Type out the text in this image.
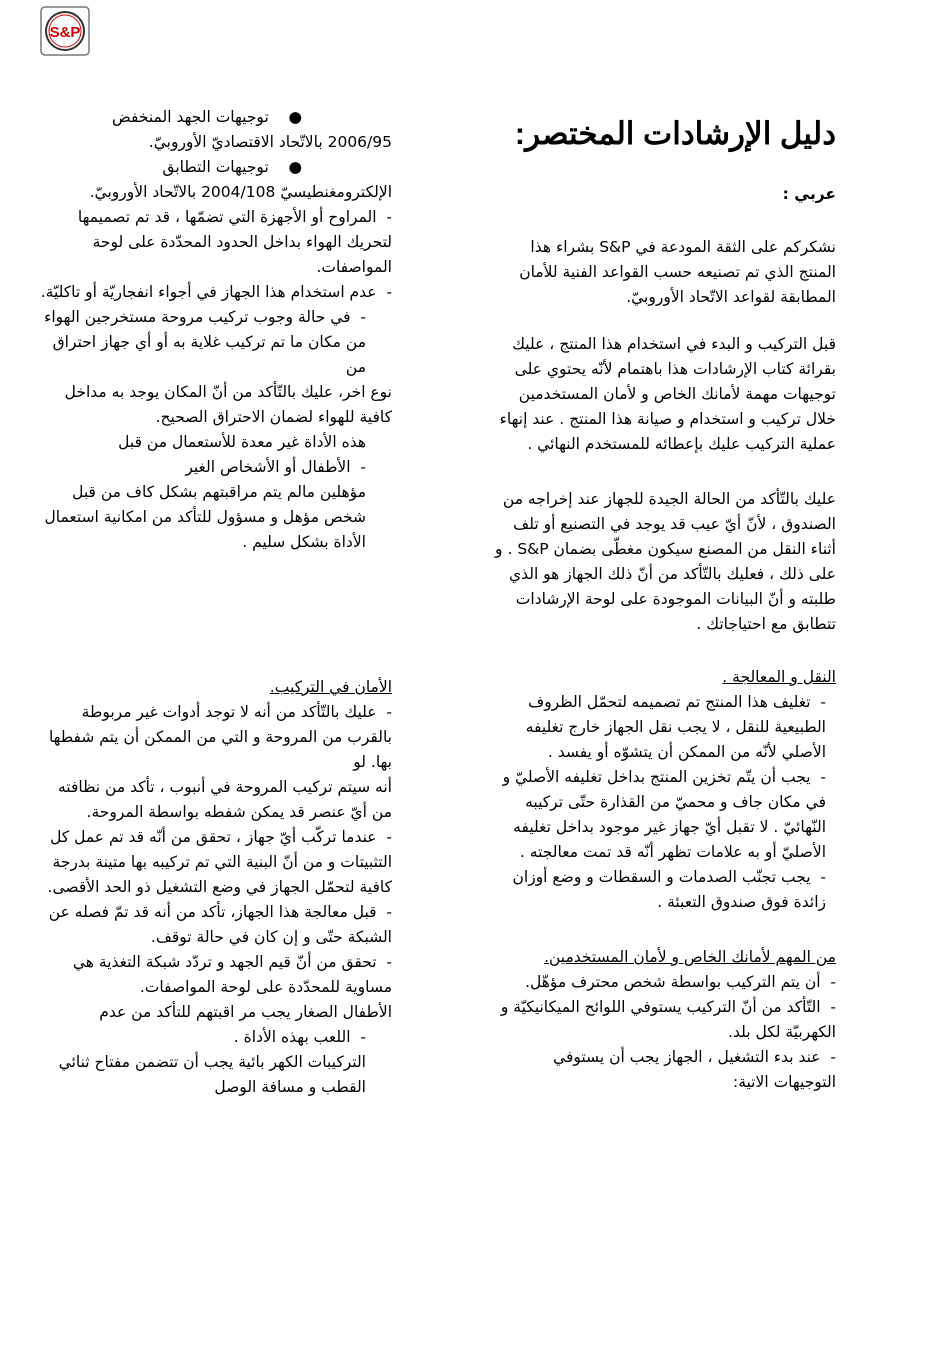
S&P
دليل الإرشادات المختصر:
عربي :

نشكركم على الثقة المودعة في S&P بشراء هذا المنتج الذي تم تصنيعه حسب القواعد الفنية للأمان المطابقة لقواعد الاتّحاد الأوروبيّ.

قبل التركيب و البدء في استخدام هذا المنتج ، عليك بقرائة كتاب الإرشادات هذا باهتمام لأنّه يحتوي على توجيهات مهمة لأمانك الخاص و لأمان المستخدمين خلال تركيب و استخدام و صيانة هذا المنتج . عند إنهاء عملية التركيب عليك بإعطائه للمستخدم النهائي .

عليك بالتّأكد من الحالة الجيدة للجهاز عند إخراجه من الصندوق ، لأنّ أيّ عيب قد يوجد في التصنيع أو تلف أثناء النقل من المصنع سيكون مغطّى بضمان S&P . و على ذلك ، فعليك بالتّأكد من أنّ ذلك الجهاز هو الذي طلبته و أنّ البيانات الموجودة على لوحة الإرشادات تتطابق مع احتياجاتك .

النقل و المعالجة .

-  تغليف هذا المنتج تم تصميمه لتحمّل الظروف الطبيعية للنقل ، لا يجب نقل الجهاز خارج تغليفه الأصلي لأنّه من الممكن أن يتشوّه أو يفسد .

-  يجب أن يتّم تخزين المنتج بداخل تغليفه الأصليّ و في مكان جاف و محميّ من القذارة حتّى تركيبه النّهائيّ . لا تقبل أيّ جهاز غير موجود بداخل تغليفه الأصليّ أو به علامات تظهر أنّه قد تمت معالجته .

-  يجب تجنّب الصدمات و السقطات و وضع أوزان زائدة فوق صندوق التعبئة .

من المهم لأمانك الخاص و لأمان المستخدمين.

-  أن يتم التركيب بواسطة شخص محترف مؤهّل.

-  التّأكد من أنّ التركيب يستوفي اللوائح الميكانيكيّة و الكهربيّة لكل بلد.

-  عند بدء التشغيل ، الجهاز يجب أن يستوفي التوجيهات الاتية:

●    توجيهات الجهد المنخفض

2006/95 بالاتّحاد الاقتصاديّ الأوروبيّ.

●    توجيهات التطابق

الإلكترومغنطيسيّ 2004/108 بالاتّحاد الأوروبيّ.

-  المراوح أو الأجهزة التي تضمّها ، قد تم تصميمها لتحريك الهواء بداخل الحدود المحدّدة على لوحة المواصفات.

-  عدم استخدام هذا الجهاز في أجواء انفجاريّة أو تاكليّة.

-  في حالة وجوب تركيب مروحة مستخرجين الهواء من مكان ما تم تركيب غلاية به أو أي جهاز احتراق من

نوع اخر، عليك بالتّأكد من أنّ المكان يوجد به مداخل كافية للهواء لضمان الاحتراق الصحيح.

هذه الأداة غير معدة للأستعمال من قبل

-  الأطفال أو الأشخاص الغير

مؤهلين مالم يتم مراقبتهم بشكل كاف من قبل شخص مؤهل و مسؤول للتأكد من امكانية استعمال الأداة بشكل سليم .

الأمان في التركيب.

-  عليك بالتّأكد من أنه لا توجد أدوات غير مربوطة بالقرب من المروحة و التي من الممكن أن يتم شفطها بها. لو

أنه سيتم تركيب المروحة في أنبوب ، تأكد من نظافته من أيّ عنصر قد يمكن شفطه بواسطة المروحة.

-  عندما تركّب أيّ جهاز ، تحقق من أنّه قد تم عمل كل التثبيتات و من أنّ البنية التي تم تركيبه بها متينة بدرجة

كافية لتحمّل الجهاز في وضع التشغيل ذو الحد الأقصى.

-  قبل معالجة هذا الجهاز، تأكد من أنه قد تمّ فصله عن الشبكة حتّى و إن كان في حالة توقف.

-  تحقق من أنّ قيم الجهد و تردّد شبكة التغذية هي مساوية للمحدّدة على لوحة المواصفات.

الأطفال الصغار يجب مر اقبتهم للتأكد من عدم

-  اللعب بهذه الأداة .

التركيبات الكهر بائية يجب أن تتضمن مفتاح ثنائي القطب و مسافة الوصل
